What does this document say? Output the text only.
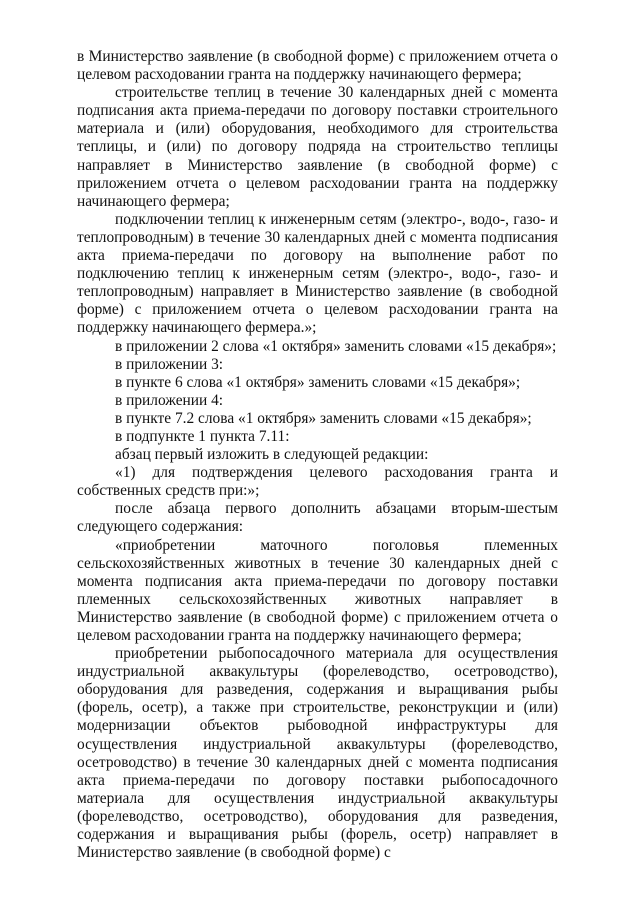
в Министерство заявление (в свободной форме) с приложением отчета о целевом расходовании гранта на поддержку начинающего фермера;

строительстве теплиц в течение 30 календарных дней с момента подписания акта приема-передачи по договору поставки строительного материала и (или) оборудования, необходимого для строительства теплицы, и (или) по договору подряда на строительство теплицы направляет в Министерство заявление (в свободной форме) с приложением отчета о целевом расходовании гранта на поддержку начинающего фермера;

подключении теплиц к инженерным сетям (электро-, водо-, газо- и теплопроводным) в течение 30 календарных дней с момента подписания акта приема-передачи по договору на выполнение работ по подключению теплиц к инженерным сетям (электро-, водо-, газо- и теплопроводным) направляет в Министерство заявление (в свободной форме) с приложением отчета о целевом расходовании гранта на поддержку начинающего фермера.»;

в приложении 2 слова «1 октября» заменить словами «15 декабря»;

в приложении 3:

в пункте 6 слова «1 октября» заменить словами «15 декабря»;

в приложении 4:

в пункте 7.2 слова «1 октября» заменить словами «15 декабря»;

в подпункте 1 пункта 7.11:

абзац первый изложить в следующей редакции:

«1) для подтверждения целевого расходования гранта и собственных средств при:»;

после абзаца первого дополнить абзацами вторым-шестым следующего содержания:

«приобретении маточного поголовья племенных сельскохозяйственных животных в течение 30 календарных дней с момента подписания акта приема-передачи по договору поставки племенных сельскохозяйственных животных направляет в Министерство заявление (в свободной форме) с приложением отчета о целевом расходовании гранта на поддержку начинающего фермера;

приобретении рыбопосадочного материала для осуществления индустриальной аквакультуры (форелеводство, осетроводство), оборудования для разведения, содержания и выращивания рыбы (форель, осетр), а также при строительстве, реконструкции и (или) модернизации объектов рыбоводной инфраструктуры для осуществления индустриальной аквакультуры (форелеводство, осетроводство) в течение 30 календарных дней с момента подписания акта приема-передачи по договору поставки рыбопосадочного материала для осуществления индустриальной аквакультуры (форелеводство, осетроводство), оборудования для разведения, содержания и выращивания рыбы (форель, осетр) направляет в Министерство заявление (в свободной форме) с
